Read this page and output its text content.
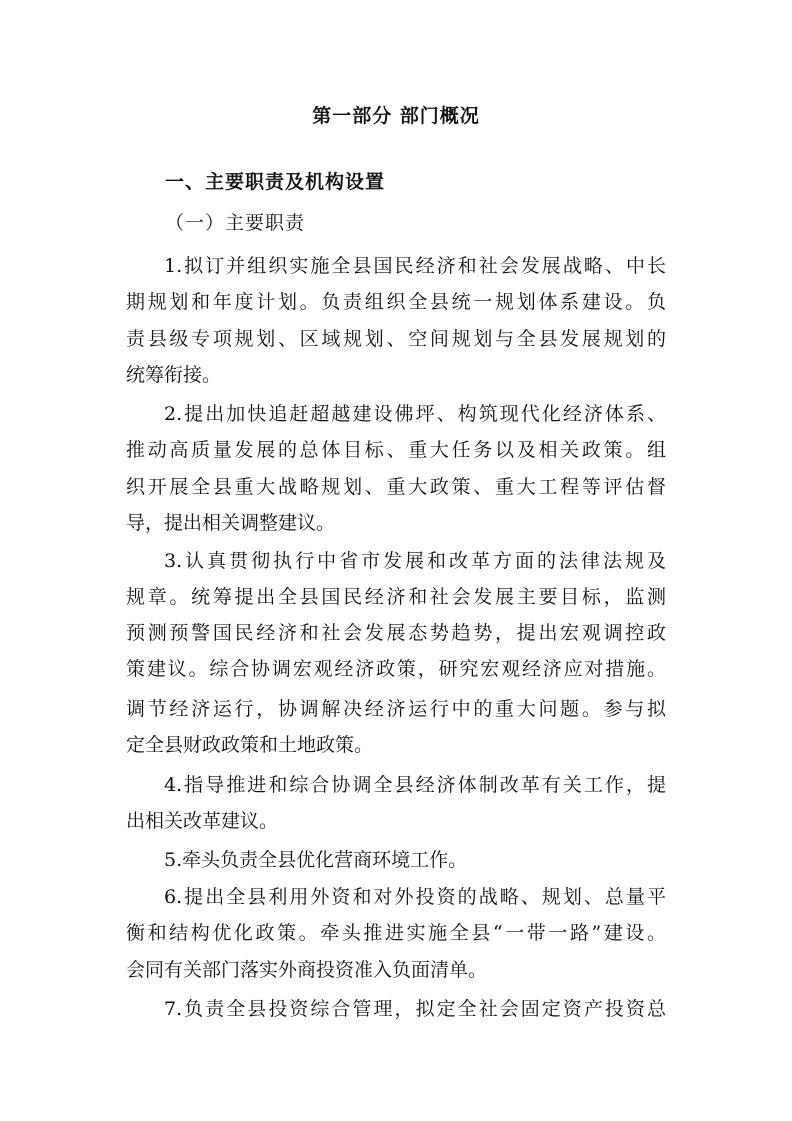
第一部分 部门概况
一、主要职责及机构设置
（一）主要职责
1.拟订并组织实施全县国民经济和社会发展战略、中长
期规划和年度计划。负责组织全县统一规划体系建设。负
责县级专项规划、区域规划、空间规划与全县发展规划的
统筹衔接。
2.提出加快追赶超越建设佛坪、构筑现代化经济体系、
推动高质量发展的总体目标、重大任务以及相关政策。组
织开展全县重大战略规划、重大政策、重大工程等评估督
导，提出相关调整建议。
3.认真贯彻执行中省市发展和改革方面的法律法规及
规章。统筹提出全县国民经济和社会发展主要目标，监测
预测预警国民经济和社会发展态势趋势，提出宏观调控政
策建议。综合协调宏观经济政策，研究宏观经济应对措施。
调节经济运行，协调解决经济运行中的重大问题。参与拟
定全县财政政策和土地政策。
4.指导推进和综合协调全县经济体制改革有关工作，提
出相关改革建议。
5.牵头负责全县优化营商环境工作。
6.提出全县利用外资和对外投资的战略、规划、总量平
衡和结构优化政策。牵头推进实施全县“一带一路”建设。
会同有关部门落实外商投资准入负面清单。
7.负责全县投资综合管理，拟定全社会固定资产投资总
